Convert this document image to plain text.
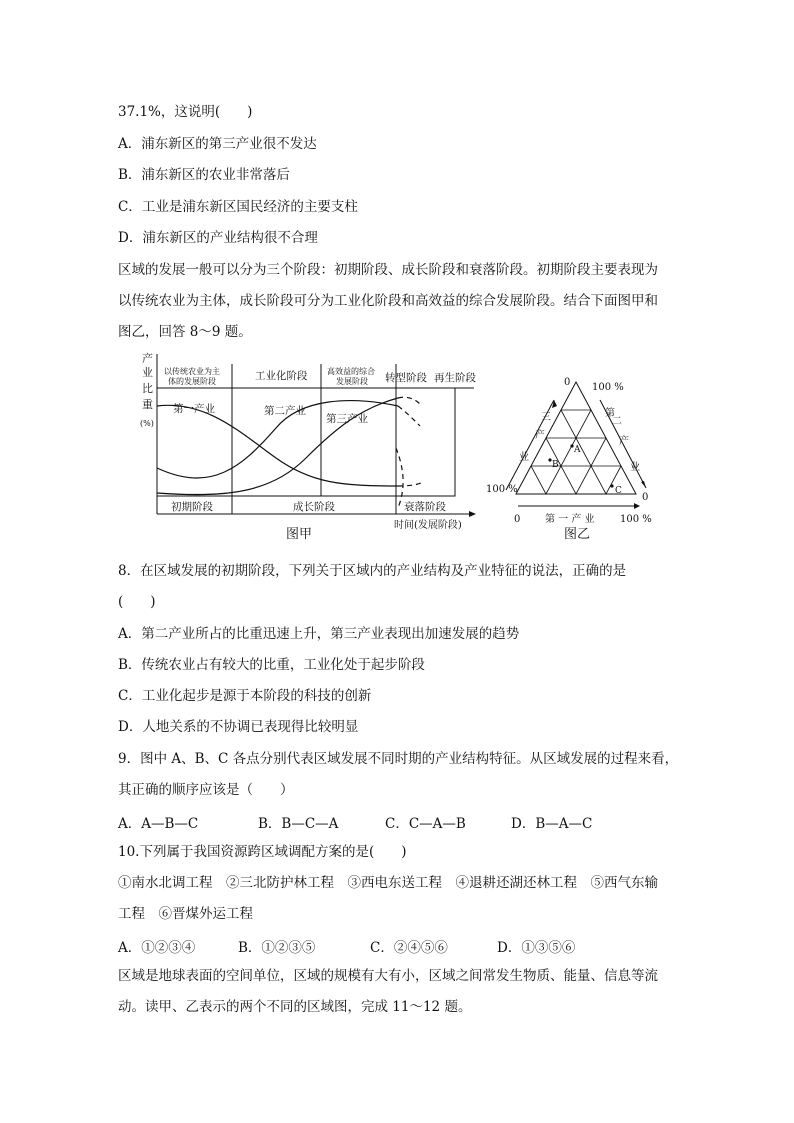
37.1%，这说明(　　)
A．浦东新区的第三产业很不发达
B．浦东新区的农业非常落后
C．工业是浦东新区国民经济的主要支柱
D．浦东新区的产业结构很不合理
区域的发展一般可以分为三个阶段：初期阶段、成长阶段和衰落阶段。初期阶段主要表现为
以传统农业为主体，成长阶段可分为工业化阶段和高效益的综合发展阶段。结合下面图甲和
图乙，回答 8～9 题。
产
业
比
重
(%)
以传统农业为主
体的发展阶段	工业化阶段 高效益的综合
发展阶段 转型阶段 再生阶段
第一产业	第二产业
第三产业
初期阶段	成长阶段	衰落阶段
时间(发展阶段)
图甲
A
B
C
0 100 %
三
产
业
第
二
产
业
100 %
0
0 第 一 产 业	100 %
图乙
8．在区域发展的初期阶段，下列关于区域内的产业结构及产业特征的说法，正确的是
(　　)
A．第二产业所占的比重迅速上升，第三产业表现出加速发展的趋势
B．传统农业占有较大的比重，工业化处于起步阶段
C．工业化起步是源于本阶段的科技的创新
D．人地关系的不协调已表现得比较明显
9．图中 A、B、C 各点分别代表区域发展不同时期的产业结构特征。从区域发展的过程来看，
其正确的顺序应该是（　　）
A．A—B—C	B．B—C—A	C．C—A—B	D．B—A—C
10.下列属于我国资源跨区域调配方案的是(　　)
①南水北调工程　②三北防护林工程　③西电东送工程　④退耕还湖还林工程　⑤西气东输
工程　⑥晋煤外运工程
A．①②③④	B．①②③⑤	C．②④⑤⑥	D．①③⑤⑥
区域是地球表面的空间单位，区域的规模有大有小，区域之间常发生物质、能量、信息等流
动。读甲、乙表示的两个不同的区域图，完成 11～12 题。
